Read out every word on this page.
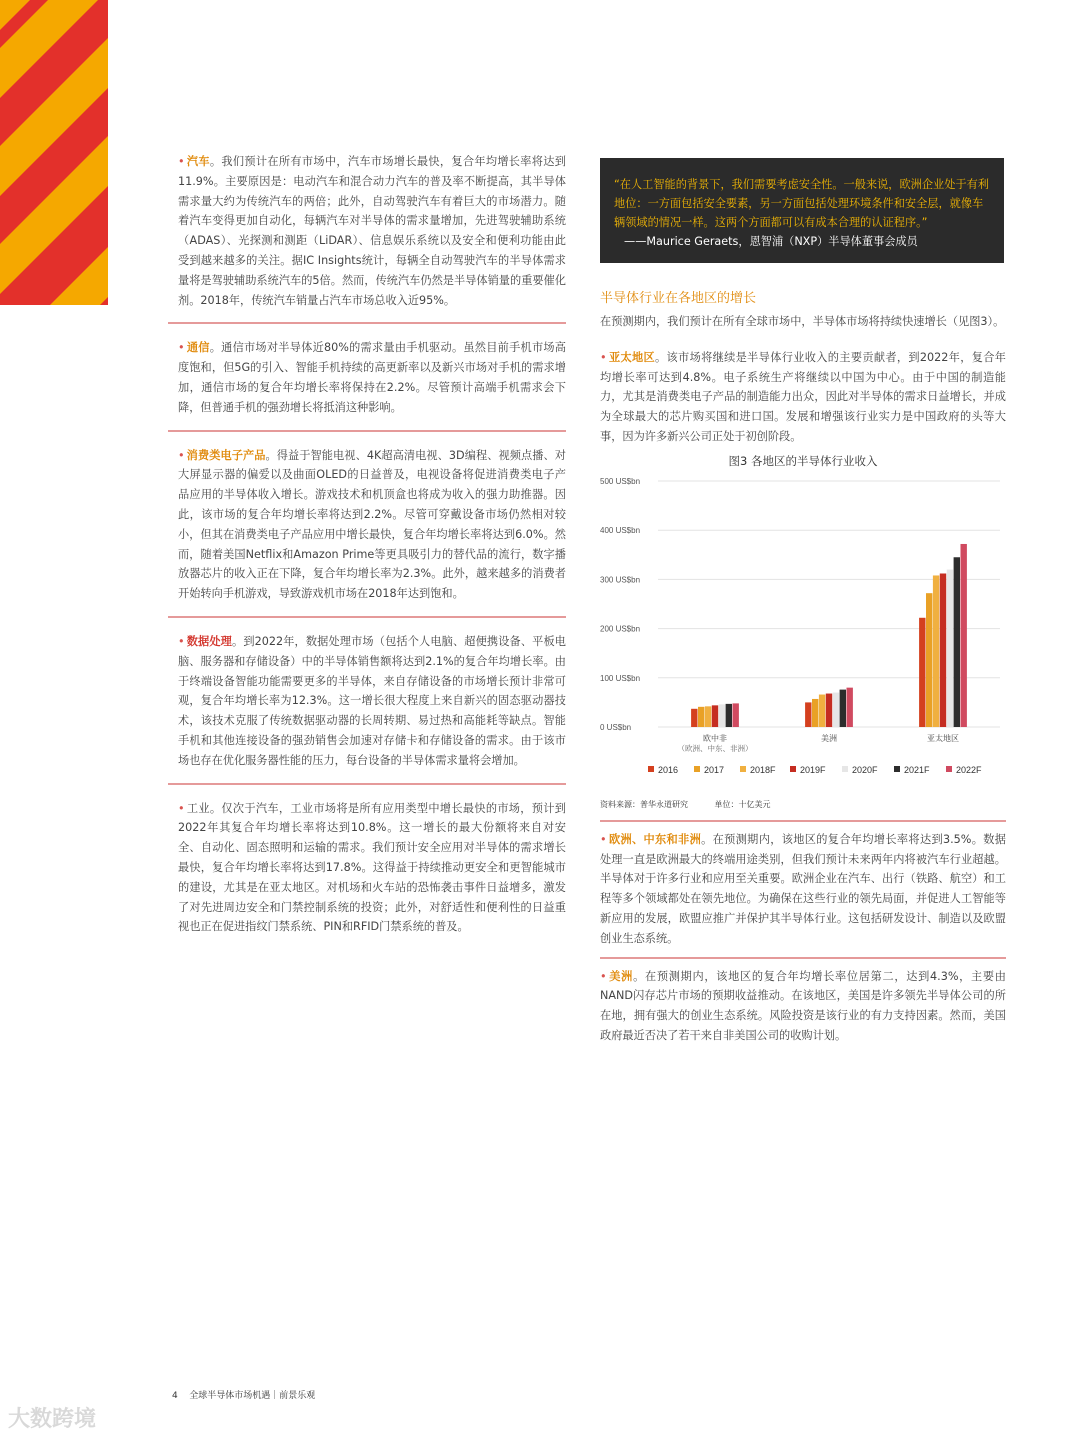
• 汽车。我们预计在所有市场中，汽车市场增长最快，复合年均增长率将达到11.9%。主要原因是：电动汽车和混合动力汽车的普及率不断提高，其半导体需求量大约为传统汽车的两倍；此外，自动驾驶汽车有着巨大的市场潜力。随着汽车变得更加自动化，每辆汽车对半导体的需求量增加，先进驾驶辅助系统（ADAS）、光探测和测距（LiDAR）、信息娱乐系统以及安全和便利功能由此受到越来越多的关注。据IC Insights统计，每辆全自动驾驶汽车的半导体需求量将是驾驶辅助系统汽车的5倍。然而，传统汽车仍然是半导体销量的重要催化剂。2018年，传统汽车销量占汽车市场总收入近95%。

• 通信。通信市场对半导体近80%的需求量由手机驱动。虽然目前手机市场高度饱和，但5G的引入、智能手机持续的高更新率以及新兴市场对手机的需求增加，通信市场的复合年均增长率将保持在2.2%。尽管预计高端手机需求会下降，但普通手机的强劲增长将抵消这种影响。

• 消费类电子产品。得益于智能电视、4K超高清电视、3D编程、视频点播、对大屏显示器的偏爱以及曲面OLED的日益普及，电视设备将促进消费类电子产品应用的半导体收入增长。游戏技术和机顶盒也将成为收入的强力助推器。因此，该市场的复合年均增长率将达到2.2%。尽管可穿戴设备市场仍然相对较小，但其在消费类电子产品应用中增长最快，复合年均增长率将达到6.0%。然而，随着美国Netflix和Amazon Prime等更具吸引力的替代品的流行，数字播放器芯片的收入正在下降，复合年均增长率为2.3%。此外，越来越多的消费者开始转向手机游戏，导致游戏机市场在2018年达到饱和。

• 数据处理。到2022年，数据处理市场（包括个人电脑、超便携设备、平板电脑、服务器和存储设备）中的半导体销售额将达到2.1%的复合年均增长率。由于终端设备智能功能需要更多的半导体，来自存储设备的市场增长预计非常可观，复合年均增长率为12.3%。这一增长很大程度上来自新兴的固态驱动器技术，该技术克服了传统数据驱动器的长周转期、易过热和高能耗等缺点。智能手机和其他连接设备的强劲销售会加速对存储卡和存储设备的需求。由于该市场也存在优化服务器性能的压力，每台设备的半导体需求量将会增加。

• 工业。仅次于汽车，工业市场将是所有应用类型中增长最快的市场，预计到2022年其复合年均增长率将达到10.8%。这一增长的最大份额将来自对安全、自动化、固态照明和运输的需求。我们预计安全应用对半导体的需求增长最快，复合年均增长率将达到17.8%。这得益于持续推动更安全和更智能城市的建设，尤其是在亚太地区。对机场和火车站的恐怖袭击事件日益增多，激发了对先进周边安全和门禁控制系统的投资；此外，对舒适性和便利性的日益重视也正在促进指纹门禁系统、PIN和RFID门禁系统的普及。

“在人工智能的背景下，我们需要考虑安全性。一般来说，欧洲企业处于有利地位：一方面包括安全要素，另一方面包括处理环境条件和安全层，就像车辆领域的情况一样。这两个方面都可以有成本合理的认证程序。”
——Maurice Geraets，恩智浦（NXP）半导体董事会成员
半导体行业在各地区的增长

在预测期内，我们预计在所有全球市场中，半导体市场将持续快速增长（见图3）。

• 亚太地区。该市场将继续是半导体行业收入的主要贡献者，到2022年，复合年均增长率可达到4.8%。电子系统生产将继续以中国为中心。由于中国的制造能力，尤其是消费类电子产品的制造能力出众，因此对半导体的需求日益增长，并成为全球最大的芯片购买国和进口国。发展和增强该行业实力是中国政府的头等大事，因为许多新兴公司正处于初创阶段。

图3 各地区的半导体行业收入
0 US$bn
100 US$bn
200 US$bn
300 US$bn
400 US$bn
500 US$bn
欧中非
（欧洲、中东、非洲）
美洲	亚太地区
2016	2017	2018F	2019F	2020F	2021F	2022F
资料来源：普华永道研究	单位：十亿美元

• 欧洲、中东和非洲。在预测期内，该地区的复合年均增长率将达到3.5%。数据处理一直是欧洲最大的终端用途类别，但我们预计未来两年内将被汽车行业超越。半导体对于许多行业和应用至关重要。欧洲企业在汽车、出行（铁路、航空）和工程等多个领域都处在领先地位。为确保在这些行业的领先局面，并促进人工智能等新应用的发展，欧盟应推广并保护其半导体行业。这包括研发设计、制造以及欧盟创业生态系统。

• 美洲。在预测期内，该地区的复合年均增长率位居第二，达到4.3%，主要由NAND闪存芯片市场的预期收益推动。在该地区，美国是许多领先半导体公司的所在地，拥有强大的创业生态系统。风险投资是该行业的有力支持因素。然而，美国政府最近否决了若干来自非美国公司的收购计划。

4 全球半导体市场机遇｜前景乐观
大数跨境
